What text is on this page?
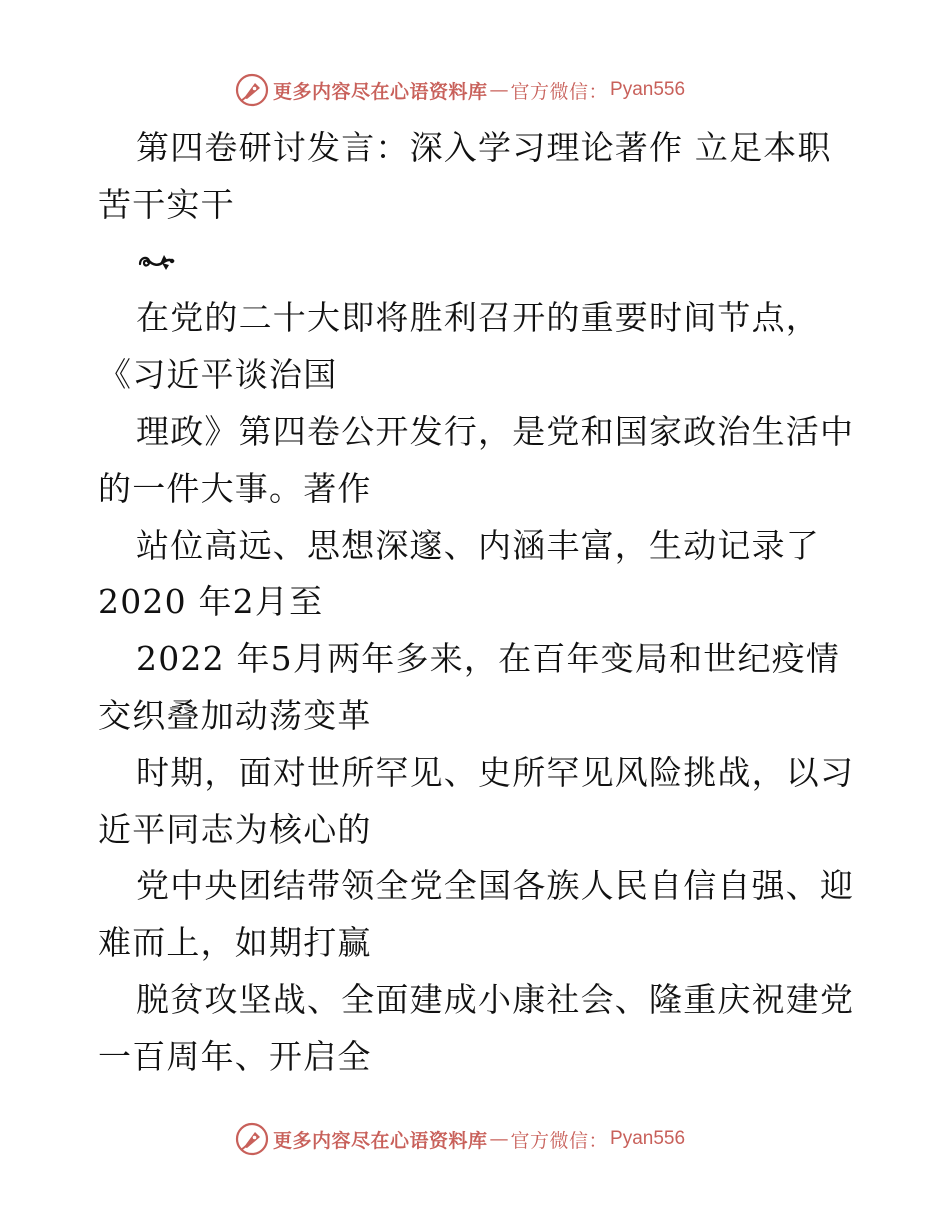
更多内容尽在心语资料库 — 官方微信： Pyan556
第四卷研讨发言：深入学习理论著作 立足本职
苦干实干
在党的二十大即将胜利召开的重要时间节点，
《习近平谈治国
理政》第四卷公开发行，是党和国家政治生活中
的一件大事。著作
站位高远、思想深邃、内涵丰富，生动记录了
2020 年2月至
2022 年5月两年多来，在百年变局和世纪疫情
交织叠加动荡变革
时期，面对世所罕见、史所罕见风险挑战，以习
近平同志为核心的
党中央团结带领全党全国各族人民自信自强、迎
难而上，如期打赢
脱贫攻坚战、全面建成小康社会、隆重庆祝建党
一百周年、开启全
更多内容尽在心语资料库 — 官方微信： Pyan556
